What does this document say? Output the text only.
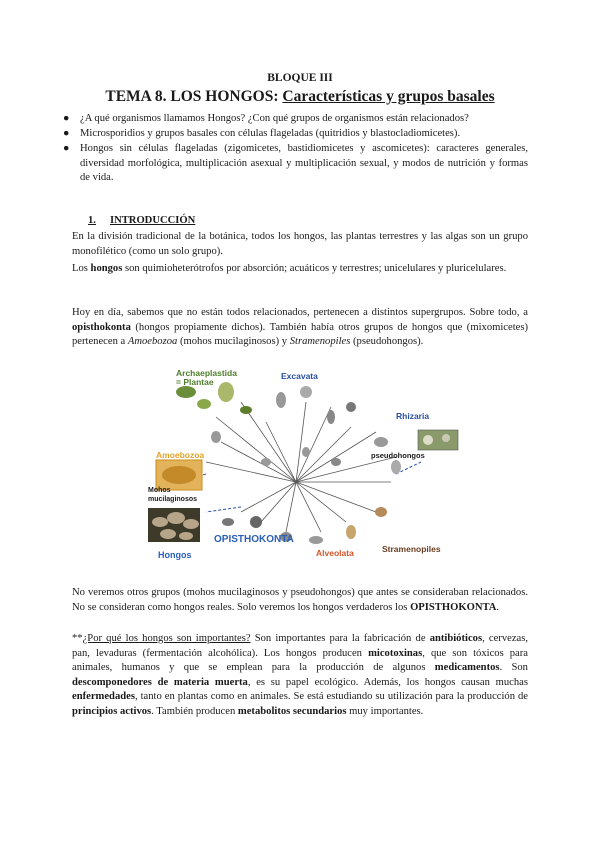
BLOQUE III
TEMA 8. LOS HONGOS: Características y grupos basales
● ¿A qué organismos llamamos Hongos? ¿Con qué grupos de organismos están relacionados?
● Microsporidios y grupos basales con células flageladas (quitridios y blastocladiomicetes).
● Hongos sin células flageladas (zigomicetes, bastidiomicetes y ascomicetes): caracteres generales, diversidad morfológica, multiplicación asexual y multiplicación sexual, y modos de nutrición y formas de vida.
1. INTRODUCCIÓN

En la división tradicional de la botánica, todos los hongos, las plantas terrestres y las algas son un grupo monofilético (como un solo grupo).

Los hongos son quimioheterótrofos por absorción; acuáticos y terrestres; unicelulares y pluricelulares.

Hoy en día, sabemos que no están todos relacionados, pertenecen a distintos supergrupos. Sobre todo, a opisthokonta (hongos propiamente dichos). También había otros grupos de hongos que (mixomicetes) pertenecen a Amoebozoa (mohos mucilaginosos) y Stramenopiles (pseudohongos).

Archaeplastida
= Plantae
Excavata
Rhizaria
pseudohongos
Amoebozoa
Mohos
mucilaginosos
OPISTHOKONTA
Hongos	Alveolata	Stramenopiles

No veremos otros grupos (mohos mucilaginosos y pseudohongos) que antes se consideraban relacionados. No se consideran como hongos reales. Solo veremos los hongos verdaderos los OPISTHOKONTA.

**¿Por qué los hongos son importantes? Son importantes para la fabricación de antibióticos, cervezas, pan, levaduras (fermentación alcohólica). Los hongos producen micotoxinas, que son tóxicos para animales, humanos y que se emplean para la producción de algunos medicamentos. Son descomponedores de materia muerta, es su papel ecológico. Además, los hongos causan muchas enfermedades, tanto en plantas como en animales. Se está estudiando su utilización para la producción de principios activos. También producen metabolitos secundarios muy importantes.
